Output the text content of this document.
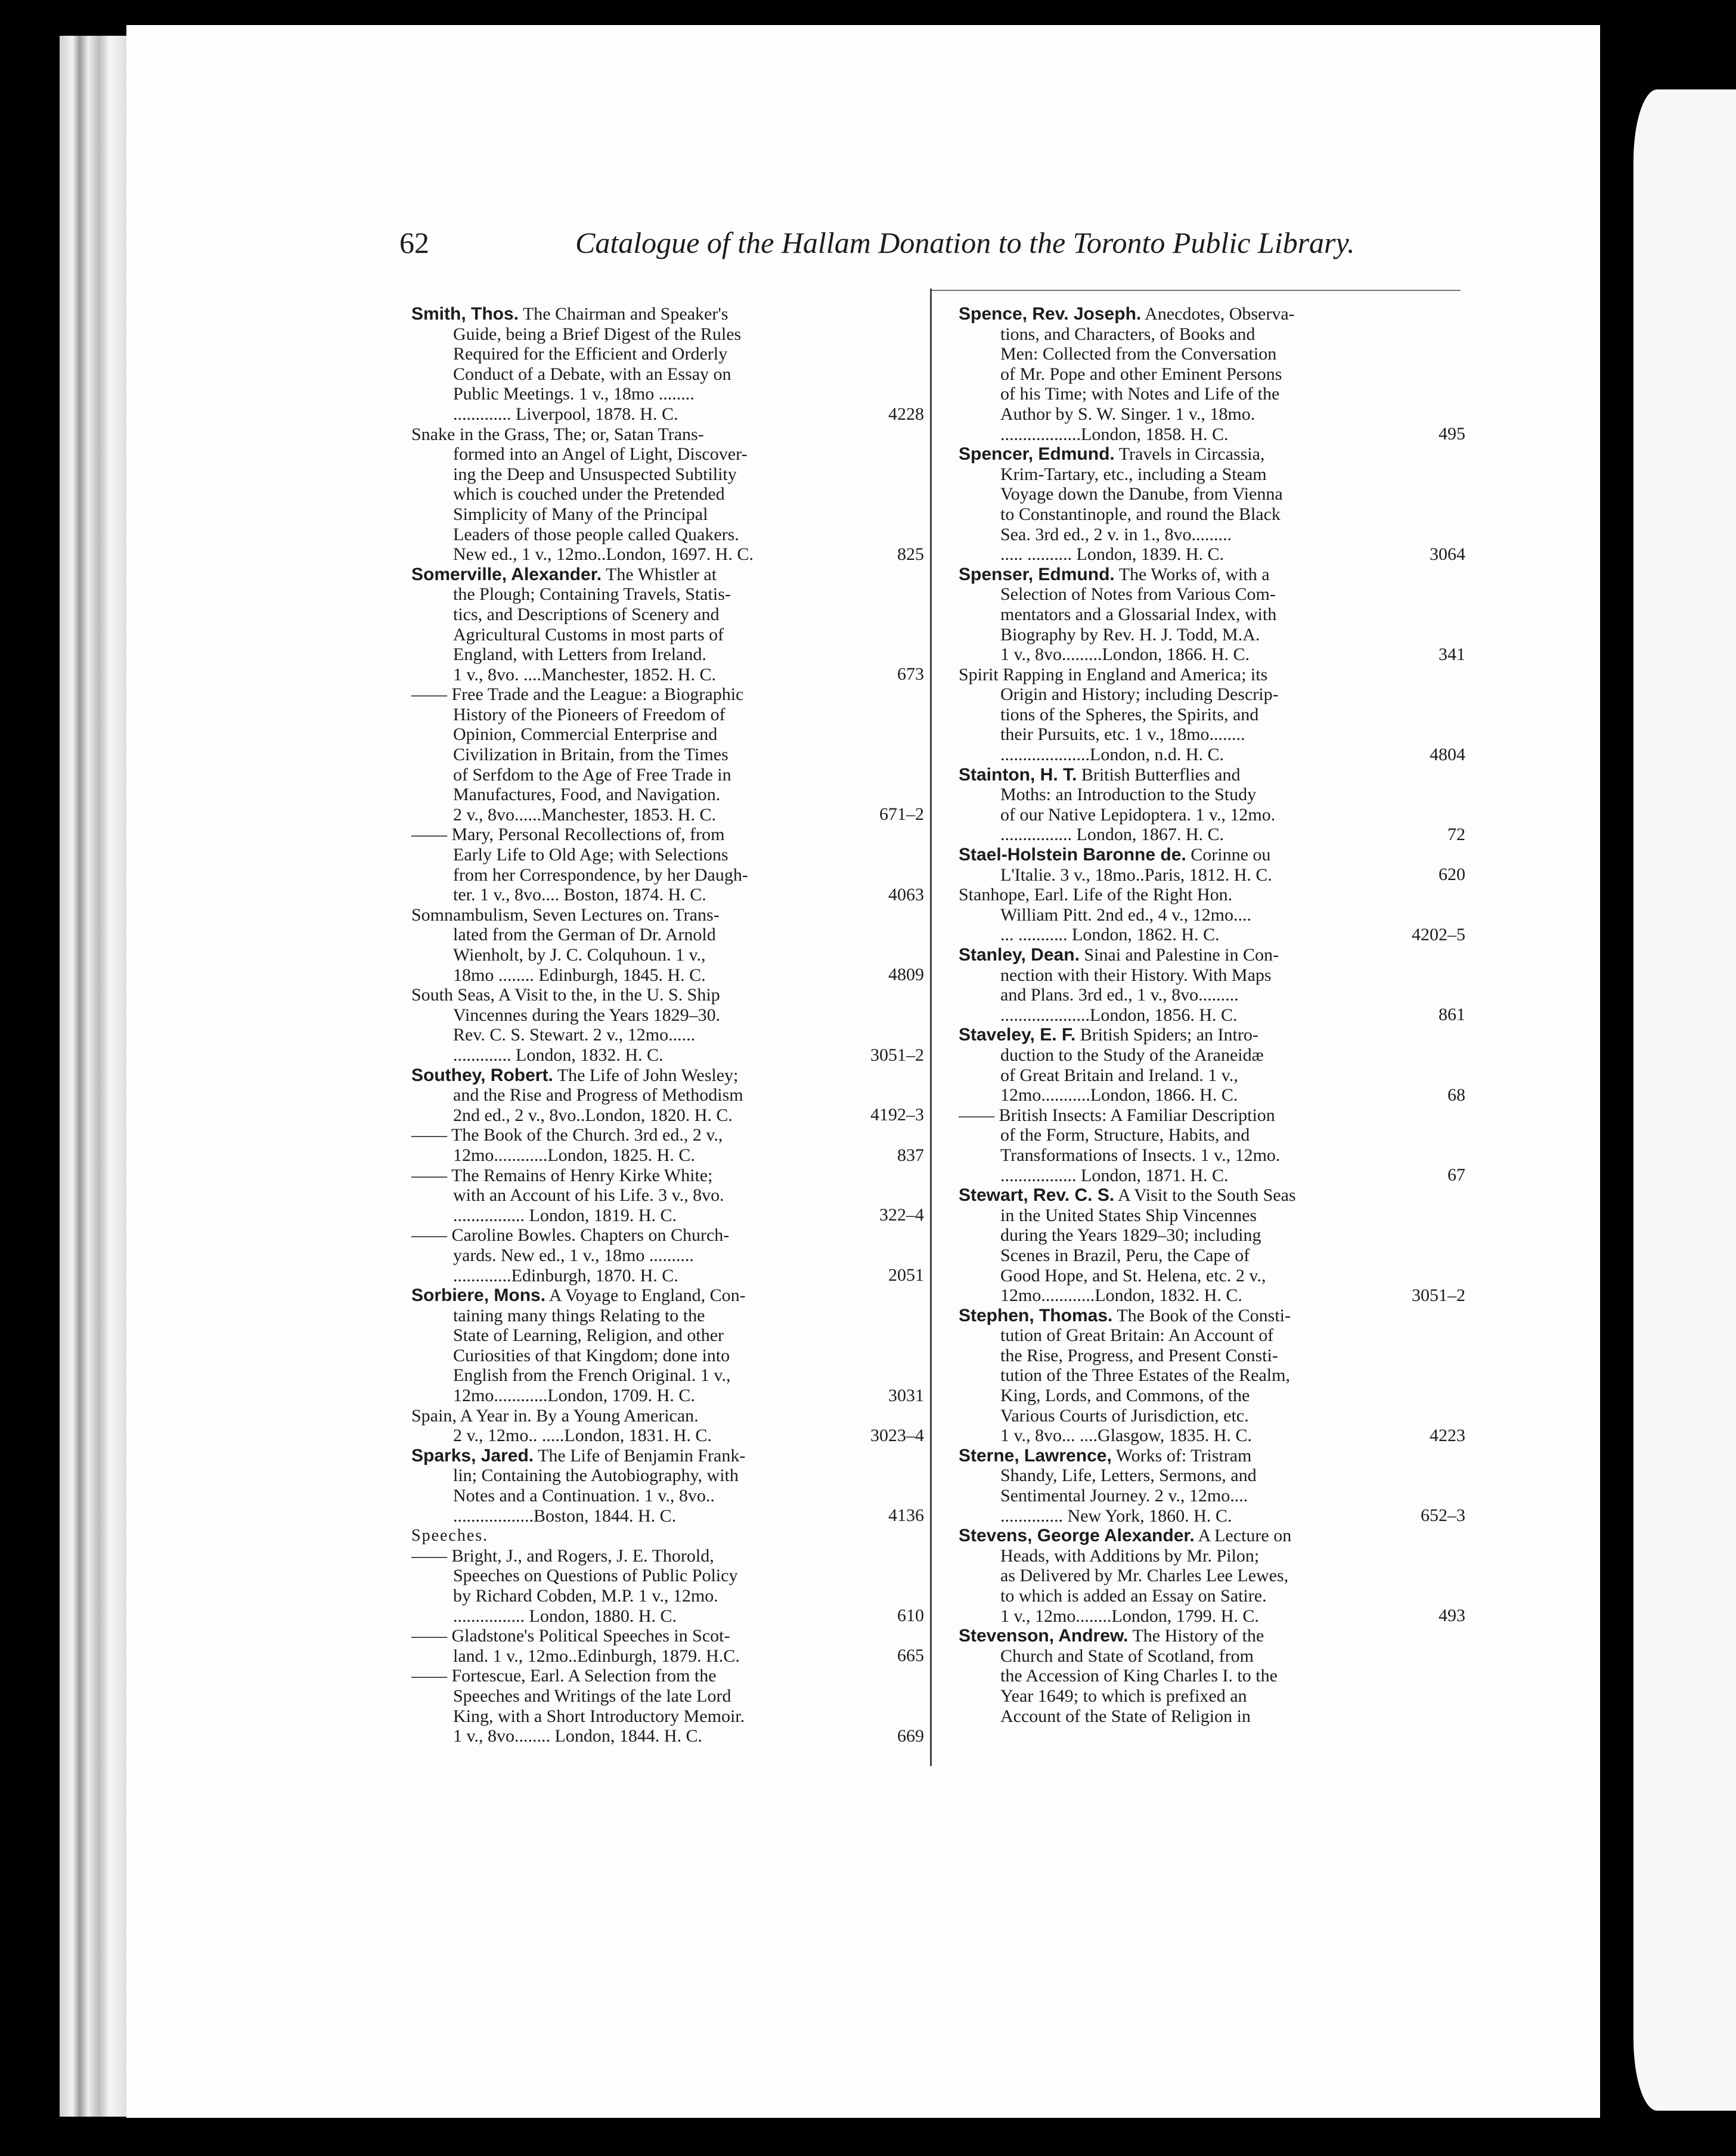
62	Catalogue of the Hallam Donation to the Toronto Public Library.
Smith, Thos. The Chairman and Speaker's
Guide, being a Brief Digest of the Rules
Required for the Efficient and Orderly
Conduct of a Debate, with an Essay on
Public Meetings. 1 v., 18mo ........
............. Liverpool, 1878. H. C.	4228
Snake in the Grass, The; or, Satan Trans-
formed into an Angel of Light, Discover-
ing the Deep and Unsuspected Subtility
which is couched under the Pretended
Simplicity of Many of the Principal
Leaders of those people called Quakers.
New ed., 1 v., 12mo..London, 1697. H. C.	825
Somerville, Alexander. The Whistler at
the Plough; Containing Travels, Statis-
tics, and Descriptions of Scenery and
Agricultural Customs in most parts of
England, with Letters from Ireland.
1 v., 8vo. ....Manchester, 1852. H. C.	673
—— Free Trade and the League: a Biographic
History of the Pioneers of Freedom of
Opinion, Commercial Enterprise and
Civilization in Britain, from the Times
of Serfdom to the Age of Free Trade in
Manufactures, Food, and Navigation.
2 v., 8vo......Manchester, 1853. H. C.	671–2
—— Mary, Personal Recollections of, from
Early Life to Old Age; with Selections
from her Correspondence, by her Daugh-
ter. 1 v., 8vo.... Boston, 1874. H. C.	4063
Somnambulism, Seven Lectures on. Trans-
lated from the German of Dr. Arnold
Wienholt, by J. C. Colquhoun. 1 v.,
18mo ........ Edinburgh, 1845. H. C.	4809
South Seas, A Visit to the, in the U. S. Ship
Vincennes during the Years 1829–30.
Rev. C. S. Stewart. 2 v., 12mo......
............. London, 1832. H. C.	3051–2
Southey, Robert. The Life of John Wesley;
and the Rise and Progress of Methodism
2nd ed., 2 v., 8vo..London, 1820. H. C.	4192–3
—— The Book of the Church. 3rd ed., 2 v.,
12mo............London, 1825. H. C.	837
—— The Remains of Henry Kirke White;
with an Account of his Life. 3 v., 8vo.
................ London, 1819. H. C.	322–4
—— Caroline Bowles. Chapters on Church-
yards. New ed., 1 v., 18mo ..........
.............Edinburgh, 1870. H. C.	2051
Sorbiere, Mons. A Voyage to England, Con-
taining many things Relating to the
State of Learning, Religion, and other
Curiosities of that Kingdom; done into
English from the French Original. 1 v.,
12mo............London, 1709. H. C.	3031
Spain, A Year in. By a Young American.
2 v., 12mo.. .....London, 1831. H. C.	3023–4
Sparks, Jared. The Life of Benjamin Frank-
lin; Containing the Autobiography, with
Notes and a Continuation. 1 v., 8vo..
..................Boston, 1844. H. C.	4136
Speeches.
—— Bright, J., and Rogers, J. E. Thorold,
Speeches on Questions of Public Policy
by Richard Cobden, M.P. 1 v., 12mo.
................ London, 1880. H. C.	610
—— Gladstone's Political Speeches in Scot-
land. 1 v., 12mo..Edinburgh, 1879. H.C.	665
—— Fortescue, Earl. A Selection from the
Speeches and Writings of the late Lord
King, with a Short Introductory Memoir.
1 v., 8vo........ London, 1844. H. C.	669
Spence, Rev. Joseph. Anecdotes, Observa-
tions, and Characters, of Books and
Men: Collected from the Conversation
of Mr. Pope and other Eminent Persons
of his Time; with Notes and Life of the
Author by S. W. Singer. 1 v., 18mo.
..................London, 1858. H. C.	495
Spencer, Edmund. Travels in Circassia,
Krim-Tartary, etc., including a Steam
Voyage down the Danube, from Vienna
to Constantinople, and round the Black
Sea. 3rd ed., 2 v. in 1., 8vo.........
..... .......... London, 1839. H. C.	3064
Spenser, Edmund. The Works of, with a
Selection of Notes from Various Com-
mentators and a Glossarial Index, with
Biography by Rev. H. J. Todd, M.A.
1 v., 8vo.........London, 1866. H. C.	341
Spirit Rapping in England and America; its
Origin and History; including Descrip-
tions of the Spheres, the Spirits, and
their Pursuits, etc. 1 v., 18mo........
....................London, n.d. H. C.	4804
Stainton, H. T. British Butterflies and
Moths: an Introduction to the Study
of our Native Lepidoptera. 1 v., 12mo.
................ London, 1867. H. C.	72
Stael-Holstein Baronne de. Corinne ou
L'Italie. 3 v., 18mo..Paris, 1812. H. C.	620
Stanhope, Earl. Life of the Right Hon.
William Pitt. 2nd ed., 4 v., 12mo....
... ........... London, 1862. H. C.	4202–5
Stanley, Dean. Sinai and Palestine in Con-
nection with their History. With Maps
and Plans. 3rd ed., 1 v., 8vo.........
....................London, 1856. H. C.	861
Staveley, E. F. British Spiders; an Intro-
duction to the Study of the Araneidæ
of Great Britain and Ireland. 1 v.,
12mo...........London, 1866. H. C.	68
—— British Insects: A Familiar Description
of the Form, Structure, Habits, and
Transformations of Insects. 1 v., 12mo.
................. London, 1871. H. C.	67
Stewart, Rev. C. S. A Visit to the South Seas
in the United States Ship Vincennes
during the Years 1829–30; including
Scenes in Brazil, Peru, the Cape of
Good Hope, and St. Helena, etc. 2 v.,
12mo............London, 1832. H. C.	3051–2
Stephen, Thomas. The Book of the Consti-
tution of Great Britain: An Account of
the Rise, Progress, and Present Consti-
tution of the Three Estates of the Realm,
King, Lords, and Commons, of the
Various Courts of Jurisdiction, etc.
1 v., 8vo... ....Glasgow, 1835. H. C.	4223
Sterne, Lawrence, Works of: Tristram
Shandy, Life, Letters, Sermons, and
Sentimental Journey. 2 v., 12mo....
.............. New York, 1860. H. C.	652–3
Stevens, George Alexander. A Lecture on
Heads, with Additions by Mr. Pilon;
as Delivered by Mr. Charles Lee Lewes,
to which is added an Essay on Satire.
1 v., 12mo........London, 1799. H. C.	493
Stevenson, Andrew. The History of the
Church and State of Scotland, from
the Accession of King Charles I. to the
Year 1649; to which is prefixed an
Account of the State of Religion in
